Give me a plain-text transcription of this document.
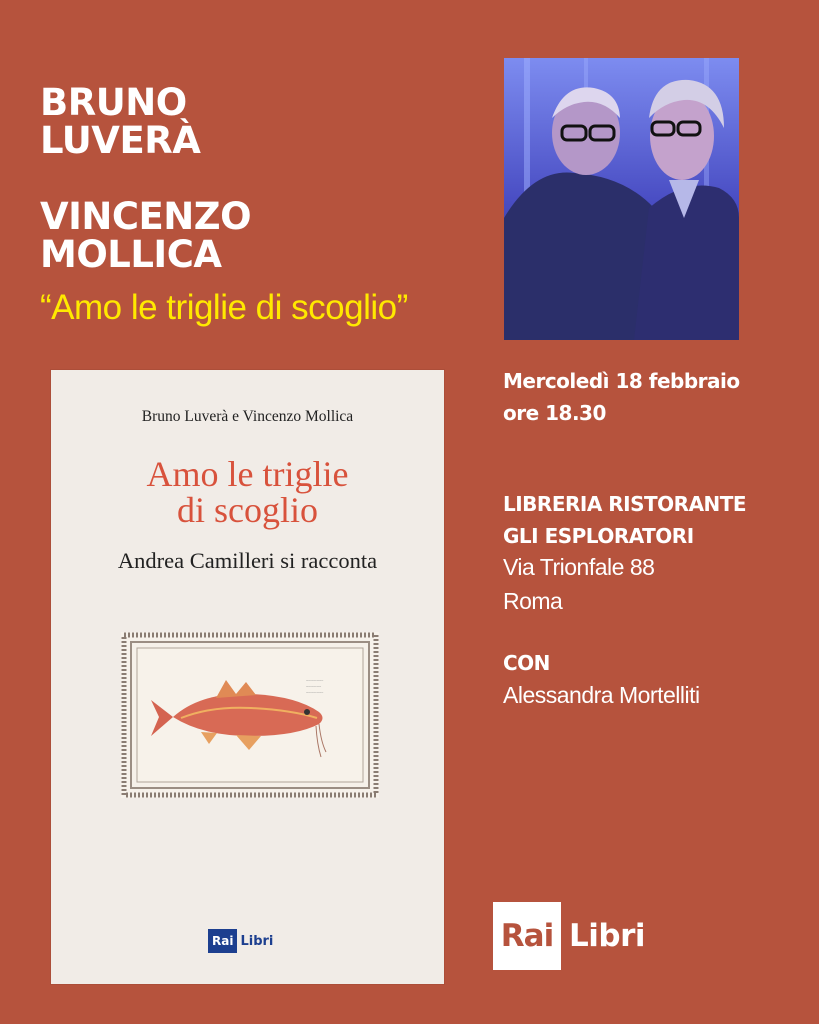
BRUNO
LUVERÀ
VINCENZO
MOLLICA
“Amo le triglie di scoglio”
Bruno Luverà e Vincenzo Mollica
Amo le triglie
di scoglio
Andrea Camilleri si racconta
~~~~~~~~
~~~~~~~
~~~~~~~~
Rai Libri

Mercoledì 18 febbraio
ore 18.30

LIBRERIA RISTORANTE
GLI ESPLORATORI

Via Trionfale 88
Roma

CON

Alessandra Mortelliti

Rai Libri
